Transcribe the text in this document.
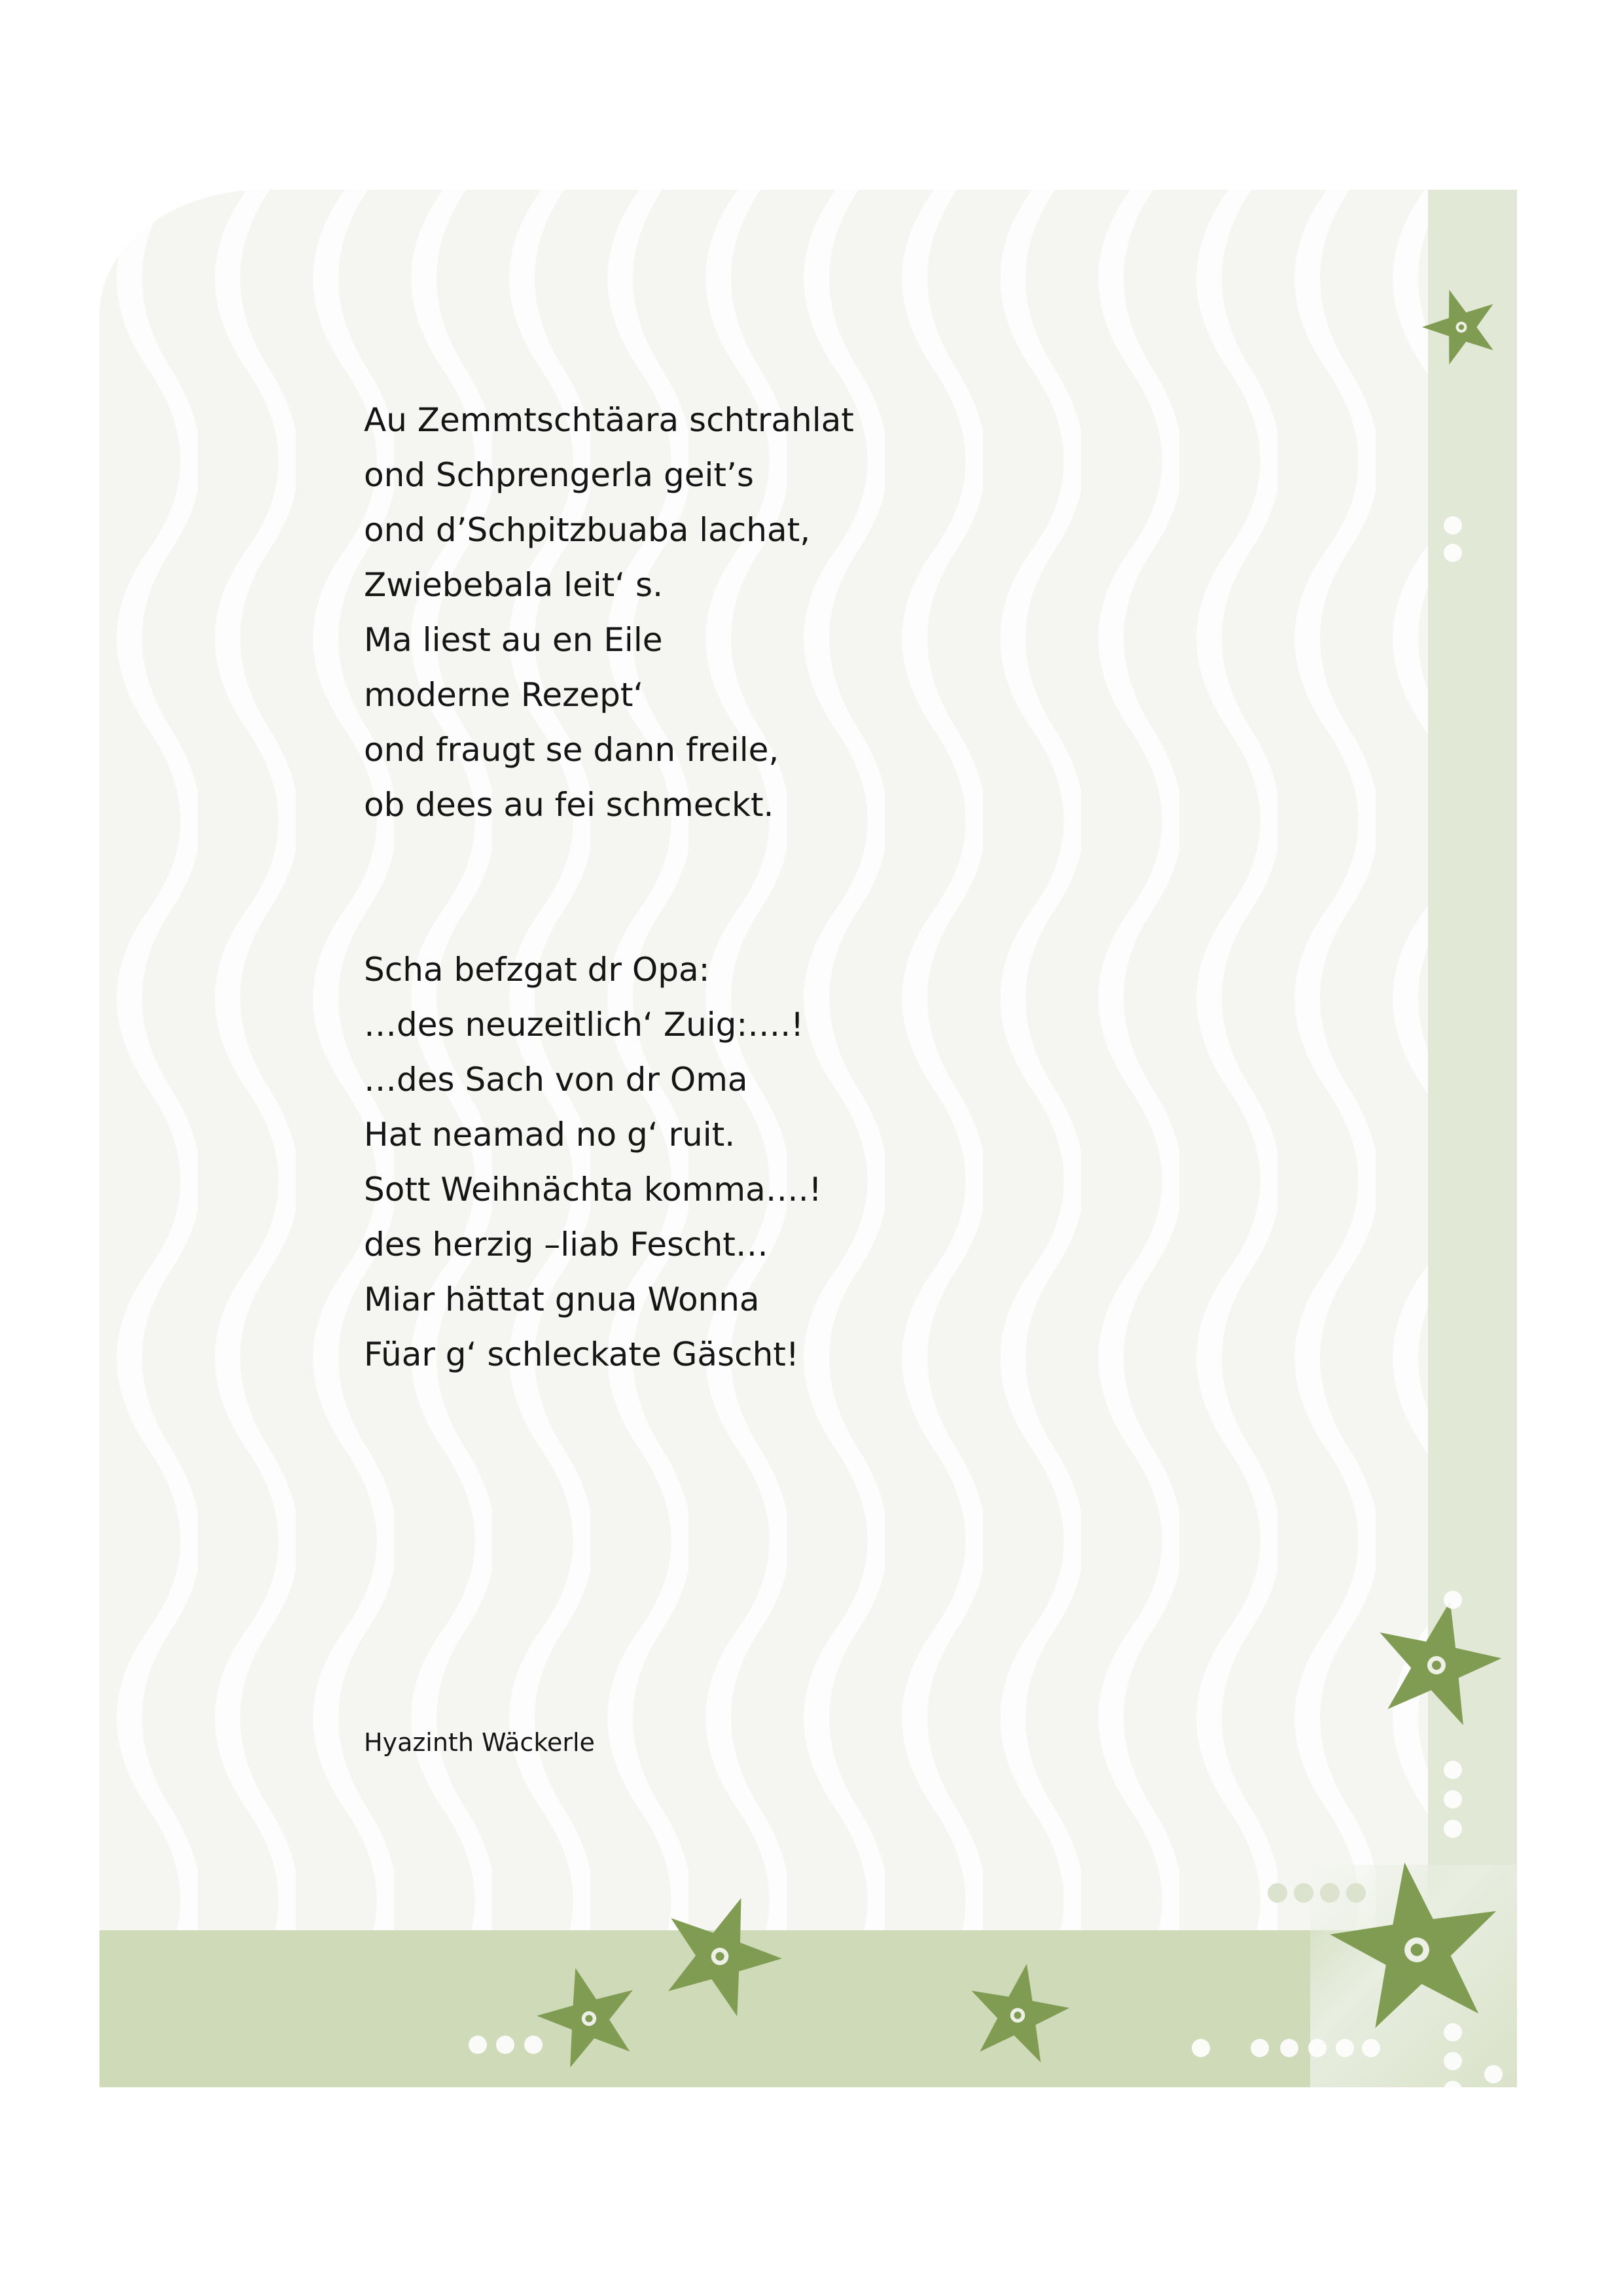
Au Zemmtschtäara schtrahlat
ond Schprengerla geit’s
ond d’Schpitzbuaba lachat,
Zwiebebala leit‘ s.
Ma liest au en Eile
moderne Rezept‘
ond fraugt se dann freile,
ob dees au fei schmeckt.
Scha befzgat dr Opa:
…des neuzeitlich‘ Zuig:….!
…des Sach von dr Oma
Hat neamad no g‘ ruit.
Sott Weihnächta komma….!
des herzig –liab Fescht…
Miar hättat gnua Wonna
Füar g‘ schleckate Gäscht!
Hyazinth Wäckerle
